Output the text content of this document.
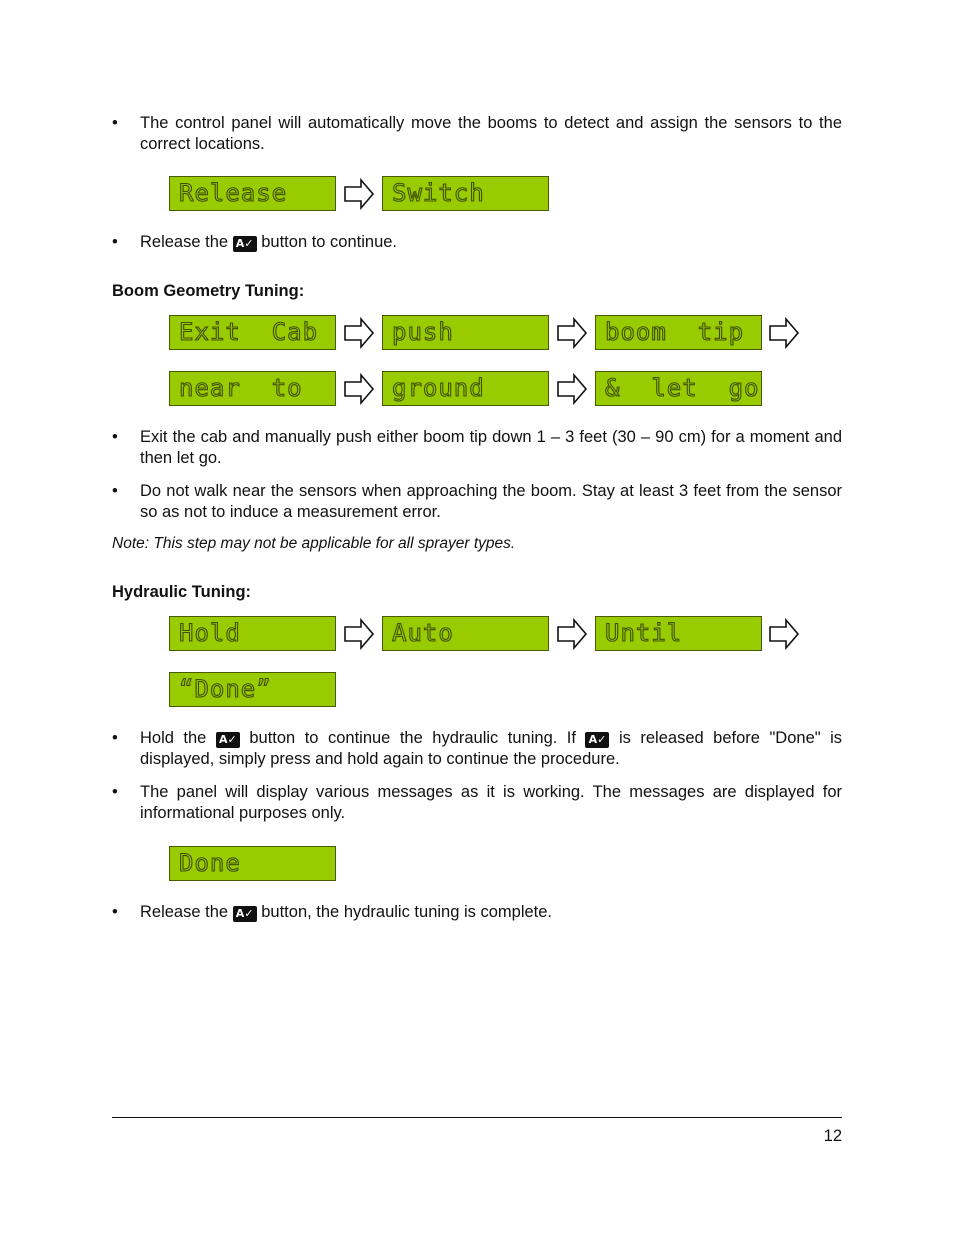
•	The control panel will automatically move the booms to detect and assign the sensors to the correct locations.
Release	Switch
•	Release the A✓ button to continue.
Boom Geometry Tuning:
Exit  Cab	push	boom  tip
near  to	ground	&  let  go
•	Exit the cab and manually push either boom tip down 1 – 3 feet (30 – 90 cm) for a moment and then let go.
•	Do not walk near the sensors when approaching the boom. Stay at least 3 feet from the sensor so as not to induce a measurement error.
Note: This step may not be applicable for all sprayer types.
Hydraulic Tuning:
Hold	Auto	Until
“Done”
•	Hold the A✓ button to continue the hydraulic tuning. If A✓ is released before "Done" is displayed, simply press and hold again to continue the procedure.
•	The panel will display various messages as it is working. The messages are displayed for informational purposes only.
Done
•	Release the A✓ button, the hydraulic tuning is complete.
12
